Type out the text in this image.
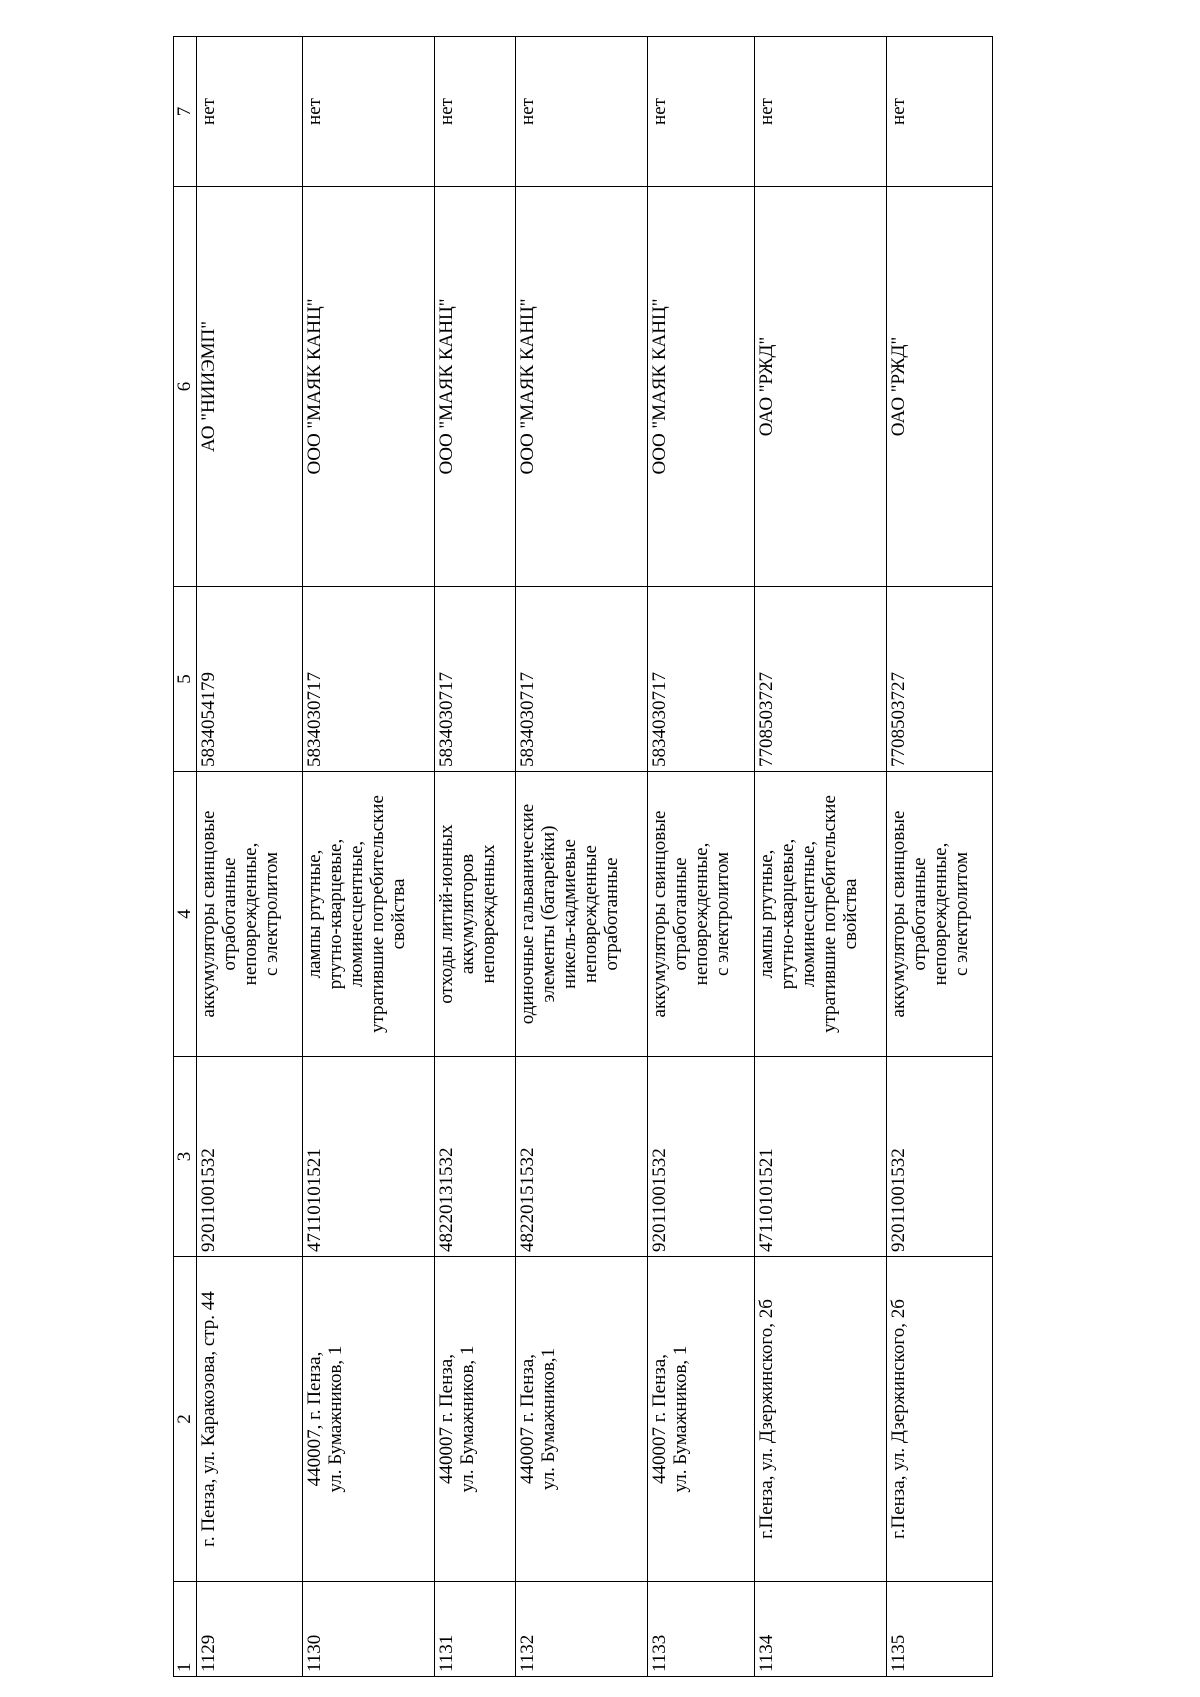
1	2	3	4	5	6	7
1129	г. Пенза, ул. Каракозова, стр. 44	92011001532	аккумуляторы свинцовые
отработанные
неповрежденные,
с электролитом	5834054179	АО "НИИЭМП"	нет
1130	440007, г. Пенза,
ул. Бумажников, 1	47110101521	лампы ртутные,
ртутно-кварцевые,
люминесцентные,
утратившие потребительские
свойства	5834030717	ООО "МАЯК КАНЦ"	нет
1131	440007 г. Пенза,
ул. Бумажников, 1	48220131532	отходы литий-ионных
аккумуляторов
неповрежденных	5834030717	ООО "МАЯК КАНЦ"	нет
1132	440007 г. Пенза,
ул. Бумажников,1	48220151532	одиночные гальванические
элементы (батарейки)
никель-кадмиевые
неповрежденные
отработанные	5834030717	ООО "МАЯК КАНЦ"	нет
1133	440007 г. Пенза,
ул. Бумажников, 1	92011001532	аккумуляторы свинцовые
отработанные
неповрежденные,
с электролитом	5834030717	ООО "МАЯК КАНЦ"	нет
1134	г.Пенза, ул. Дзержинского, 2б	47110101521	лампы ртутные,
ртутно-кварцевые,
люминесцентные,
утратившие потребительские
свойства	7708503727	ОАО "РЖД"	нет
1135	г.Пенза, ул. Дзержинского, 2б	92011001532	аккумуляторы свинцовые
отработанные
неповрежденные,
с электролитом	7708503727	ОАО "РЖД"	нет
